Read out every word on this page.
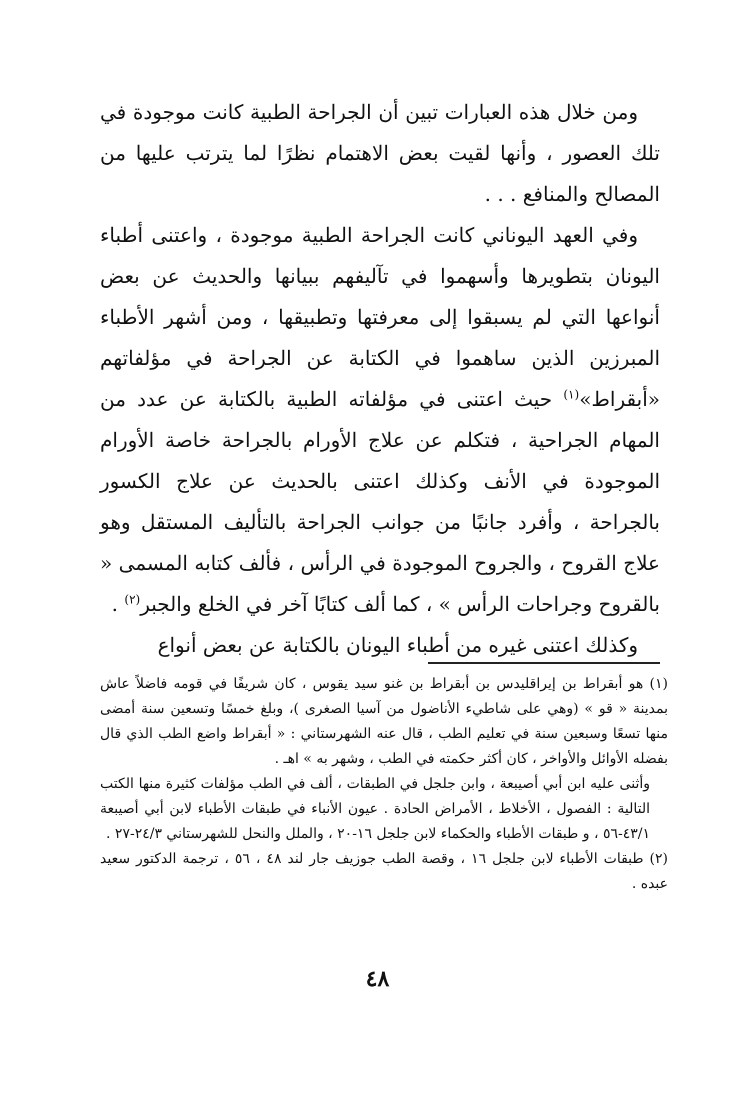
ومن خلال هذه العبارات تبين أن الجراحة الطبية كانت موجودة في تلك العصور ، وأنها لقيت بعض الاهتمام نظرًا لما يترتب عليها من المصالح والمنافع . . .

وفي العهد اليوناني كانت الجراحة الطبية موجودة ، واعتنى أطباء اليونان بتطويرها وأسهموا في تآليفهم ببيانها والحديث عن بعض أنواعها التي لم يسبقوا إلى معرفتها وتطبيقها ، ومن أشهر الأطباء المبرزين الذين ساهموا في الكتابة عن الجراحة في مؤلفاتهم «أبقراط»$^{(١)}$ حيث اعتنى في مؤلفاته الطبية بالكتابة عن عدد من المهام الجراحية ، فتكلم عن علاج الأورام بالجراحة خاصة الأورام الموجودة في الأنف وكذلك اعتنى بالحديث عن علاج الكسور بالجراحة ، وأفرد جانبًا من جوانب الجراحة بالتأليف المستقل وهو علاج القروح ، والجروح الموجودة في الرأس ، فألف كتابه المسمى « بالقروح وجراحات الرأس » ، كما ألف كتابًا آخر في الخلع والجبر$^{(٢)}$ .

وكذلك اعتنى غيره من أطباء اليونان بالكتابة عن بعض أنواع

(١) هو أبقراط بن إيراقليدس بن أبقراط بن غنو سيد يقوس ، كان شريفًا في قومه فاضلاً عاش بمدينة « قو » (وهي على شاطيء الأناضول من آسيا الصغرى )، وبلغ خمسًا وتسعين سنة أمضى منها تسعًا وسبعين سنة في تعليم الطب ، قال عنه الشهرستاني : « أبقراط واضع الطب الذي قال بفضله الأوائل والأواخر ، كان أكثر حكمته في الطب ، وشهر به » اهـ .

وأثنى عليه ابن أبي أصيبعة ، وابن جلجل في الطبقات ، ألف في الطب مؤلفات كثيرة منها الكتب التالية : الفصول ، الأخلاط ، الأمراض الحادة . عيون الأنباء في طبقات الأطباء لابن أبي أصيبعة ٤٣/١-٥٦ ، و طبقات الأطباء والحكماء لابن جلجل ١٦-٢٠ ، والملل والنحل للشهرستاني ٢٤/٣-٢٧ .

(٢) طبقات الأطباء لابن جلجل ١٦ ، وقصة الطب جوزيف جار لند ٤٨ ، ٥٦ ، ترجمة الدكتور سعيد عبده .

٤٨
